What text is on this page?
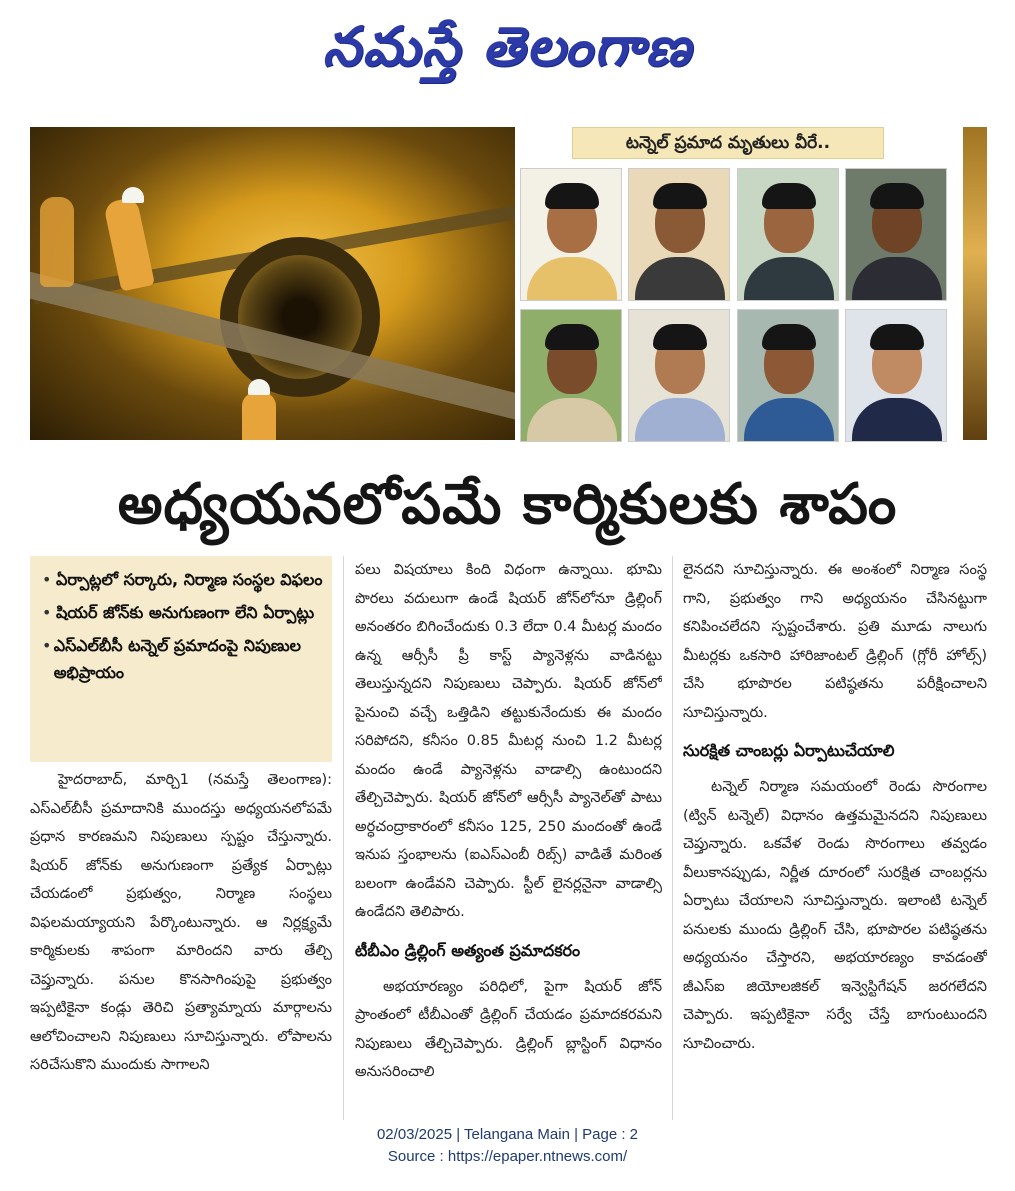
నమస్తే తెలంగాణ
టన్నెల్ ప్రమాద మృతులు వీరే..
అధ్యయనలోపమే కార్మికులకు శాపం
• ఏర్పాట్లలో సర్కారు, నిర్మాణ సంస్థల విఫలం
• షియర్ జోన్‌కు అనుగుణంగా లేని ఏర్పాట్లు
• ఎస్ఎల్‌బీసీ టన్నెల్ ప్రమాదంపై నిపుణుల అభిప్రాయం

హైదరాబాద్, మార్చి1 (నమస్తే తెలంగాణ): ఎస్ఎల్‌బీసీ ప్రమాదానికి ముందస్తు అధ్యయనలోపమే ప్రధాన కారణమని నిపుణులు స్పష్టం చేస్తున్నారు. షియర్ జోన్‌కు అనుగుణంగా ప్రత్యేక ఏర్పాట్లు చేయడంలో ప్రభుత్వం, నిర్మాణ సంస్థలు విఫలమయ్యాయని పేర్కొంటున్నారు. ఆ నిర్లక్ష్యమే కార్మికులకు శాపంగా మారిందని వారు తేల్చి చెప్తున్నారు. పనుల కొనసాగింపుపై ప్రభుత్వం ఇప్పటికైనా కండ్లు తెరిచి ప్రత్యామ్నాయ మార్గాలను ఆలోచించాలని నిపుణులు సూచిస్తున్నారు. లోపాలను సరిచేసుకొని ముందుకు సాగాలని

పలు విషయాలు కింది విధంగా ఉన్నాయి. భూమి పొరలు వదులుగా ఉండే షియర్ జోన్‌లోనూ డ్రిల్లింగ్ అనంతరం బిగించేందుకు 0.3 లేదా 0.4 మీటర్ల మందం ఉన్న ఆర్సీసీ ప్రీ కాస్ట్ ప్యానెళ్లను వాడినట్టు తెలుస్తున్నదని నిపుణులు చెప్పారు. షియర్ జోన్‌లో పైనుంచి వచ్చే ఒత్తిడిని తట్టుకునేందుకు ఈ మందం సరిపోదని, కనీసం 0.85 మీటర్ల నుంచి 1.2 మీటర్ల మందం ఉండే ప్యానెళ్లను వాడాల్సి ఉంటుందని తేల్చిచెప్పారు. షియర్ జోన్‌లో ఆర్సీసీ ప్యానెల్‌తో పాటు అర్ధచంద్రాకారంలో కనీసం 125, 250 మందంతో ఉండే ఇనుప స్తంభాలను (ఐఎస్ఎంబీ రిబ్స్) వాడితే మరింత బలంగా ఉండేవని చెప్పారు. స్టీల్ లైనర్లనైనా వాడాల్సి ఉండేదని తెలిపారు.

టీబీఎం డ్రిల్లింగ్ అత్యంత ప్రమాదకరం

అభయారణ్యం పరిధిలో, పైగా షియర్ జోన్ ప్రాంతంలో టీబీఎంతో డ్రిల్లింగ్ చేయడం ప్రమాదకరమని నిపుణులు తేల్చిచెప్పారు. డ్రిల్లింగ్ బ్లాస్టింగ్ విధానం అనుసరించాలి

లైనదని సూచిస్తున్నారు. ఈ అంశంలో నిర్మాణ సంస్థ గాని, ప్రభుత్వం గాని అధ్యయనం చేసినట్టుగా కనిపించలేదని స్పష్టంచేశారు. ప్రతి మూడు నాలుగు మీటర్లకు ఒకసారి హారిజాంటల్ డ్రిల్లింగ్ (గ్లోరీ హోల్స్) చేసి భూపొరల పటిష్ఠతను పరీక్షించాలని సూచిస్తున్నారు.

సురక్షిత చాంబర్లు ఏర్పాటుచేయాలి

టన్నెల్ నిర్మాణ సమయంలో రెండు సొరంగాల (ట్విన్ టన్నెల్) విధానం ఉత్తమమైనదని నిపుణులు చెప్తున్నారు. ఒకవేళ రెండు సొరంగాలు తవ్వడం వీలుకానప్పుడు, నిర్ణీత దూరంలో సురక్షిత చాంబర్లను ఏర్పాటు చేయాలని సూచిస్తున్నారు. ఇలాంటి టన్నెల్ పనులకు ముందు డ్రిల్లింగ్ చేసి, భూపొరల పటిష్ఠతను అధ్యయనం చేస్తారని, అభయారణ్యం కావడంతో జీఎస్ఐ జియోలజికల్ ఇన్వెస్టిగేషన్ జరగలేదని చెప్పారు. ఇప్పటికైనా సర్వే చేస్తే బాగుంటుందని సూచించారు.

02/03/2025 | Telangana Main | Page : 2
Source : https://epaper.ntnews.com/
